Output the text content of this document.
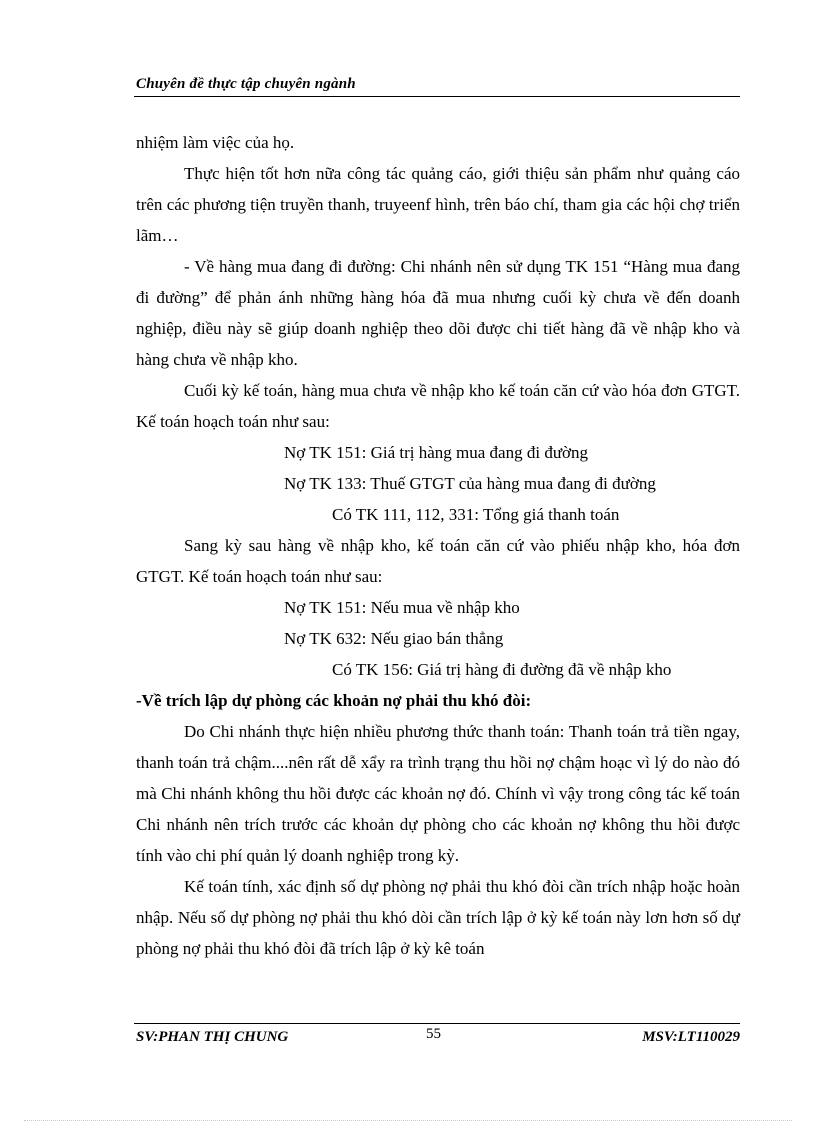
Chuyên đề thực tập chuyên ngành

nhiệm làm việc của họ.

Thực hiện tốt hơn nữa công tác quảng cáo, giới thiệu sản phẩm như quảng cáo trên các phương tiện truyền thanh, truyeenf hình, trên báo chí, tham gia các hội chợ triển lãm…

- Về hàng mua đang đi đường: Chi nhánh nên sử dụng TK 151 “Hàng mua đang đi đường” để phản ánh những hàng hóa đã mua nhưng cuối kỳ chưa về đến doanh nghiệp, điều này sẽ giúp doanh nghiệp theo dõi được chi tiết hàng đã về nhập kho và hàng chưa về nhập kho.

Cuối kỳ kế toán, hàng mua chưa về nhập kho kế toán căn cứ vào hóa đơn GTGT. Kế toán hoạch toán như sau:

Nợ TK 151: Giá trị hàng mua đang đi đường

Nợ TK 133: Thuế GTGT của hàng mua đang đi đường

Có TK 111, 112, 331: Tổng giá thanh toán

Sang kỳ sau hàng về nhập kho, kế toán căn cứ vào phiếu nhập kho, hóa đơn GTGT. Kế toán hoạch toán như sau:

Nợ TK 151: Nếu mua về nhập kho

Nợ TK 632: Nếu giao bán thẳng

Có TK 156: Giá trị hàng đi đường đã về nhập kho

-Về trích lập dự phòng các khoản nợ phải thu khó đòi:

Do Chi nhánh thực hiện nhiều phương thức thanh toán: Thanh toán trả tiền ngay, thanh toán trả chậm....nên rất dễ xẩy ra trình trạng thu hồi nợ chậm hoạc vì lý do nào đó mà Chi nhánh không thu hồi được các khoản nợ đó. Chính vì vậy trong công tác kế toán Chi nhánh nên trích trước các khoản dự phòng cho các khoản nợ không thu hồi được tính vào chi phí quản lý doanh nghiệp trong kỳ.

Kế toán tính, xác định số dự phòng nợ phải thu khó đòi cần trích nhập hoặc hoàn nhập. Nếu số dự phòng nợ phải thu khó dòi cần trích lập ở kỳ kế toán này lơn hơn số dự phòng nợ phải thu khó đòi đã trích lập ở kỳ kê toán

SV:PHAN THỊ CHUNG	55	MSV:LT110029
